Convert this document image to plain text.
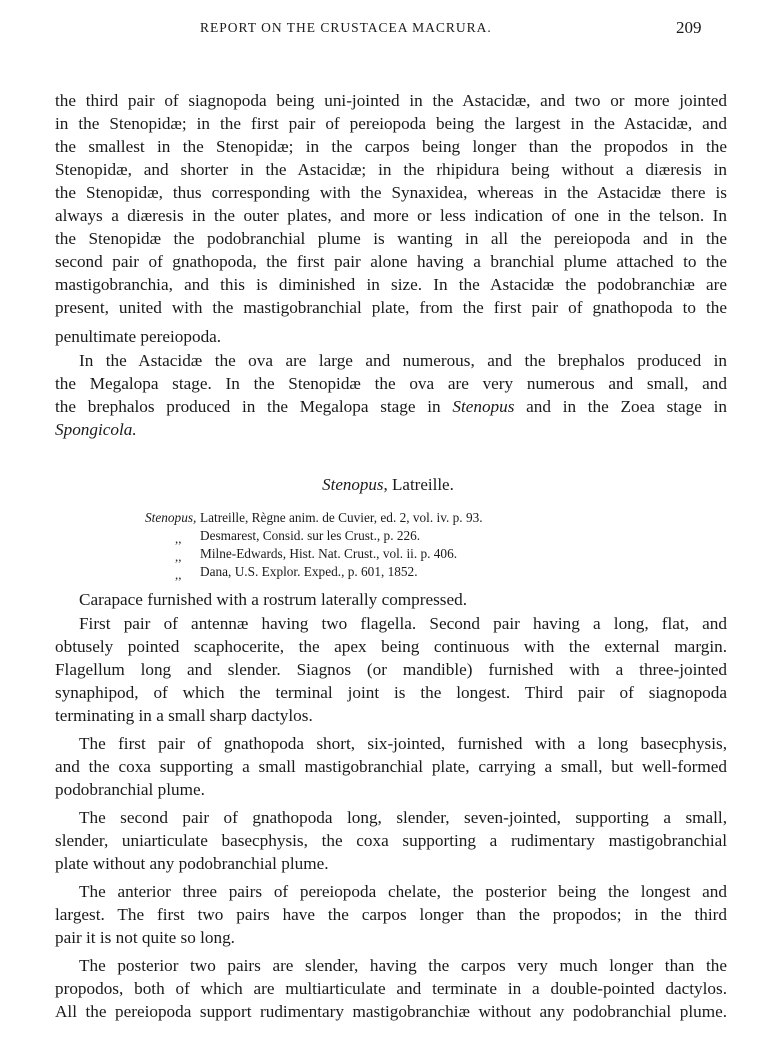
REPORT ON THE CRUSTACEA MACRURA.	209
the third pair of siagnopoda being uni-jointed in the Astacidæ, and two or more jointed
in the Stenopidæ; in the first pair of pereiopoda being the largest in the Astacidæ, and
the smallest in the Stenopidæ; in the carpos being longer than the propodos in the
Stenopidæ, and shorter in the Astacidæ; in the rhipidura being without a diæresis in
the Stenopidæ, thus corresponding with the Synaxidea, whereas in the Astacidæ there is
always a diæresis in the outer plates, and more or less indication of one in the telson. In
the Stenopidæ the podobranchial plume is wanting in all the pereiopoda and in the
second pair of gnathopoda, the first pair alone having a branchial plume attached to the
mastigobranchia, and this is diminished in size. In the Astacidæ the podobranchiæ are
present, united with the mastigobranchial plate, from the first pair of gnathopoda to the
penultimate pereiopoda.
In the Astacidæ the ova are large and numerous, and the brephalos produced in
the Megalopa stage. In the Stenopidæ the ova are very numerous and small, and
the brephalos produced in the Megalopa stage in Stenopus and in the Zoea stage in
Spongicola.
Stenopus, Latreille.
Stenopus,
,,
,,
,,
Latreille, Règne anim. de Cuvier, ed. 2, vol. iv. p. 93.
Desmarest, Consid. sur les Crust., p. 226.
Milne-Edwards, Hist. Nat. Crust., vol. ii. p. 406.
Dana, U.S. Explor. Exped., p. 601, 1852.
Carapace furnished with a rostrum laterally compressed.
First pair of antennæ having two flagella. Second pair having a long, flat, and
obtusely pointed scaphocerite, the apex being continuous with the external margin.
Flagellum long and slender. Siagnos (or mandible) furnished with a three-jointed
synaphipod, of which the terminal joint is the longest. Third pair of siagnopoda
terminating in a small sharp dactylos.
The first pair of gnathopoda short, six-jointed, furnished with a long basecphysis,
and the coxa supporting a small mastigobranchial plate, carrying a small, but well-formed
podobranchial plume.
The second pair of gnathopoda long, slender, seven-jointed, supporting a small,
slender, uniarticulate basecphysis, the coxa supporting a rudimentary mastigobranchial
plate without any podobranchial plume.
The anterior three pairs of pereiopoda chelate, the posterior being the longest and
largest. The first two pairs have the carpos longer than the propodos; in the third
pair it is not quite so long.
The posterior two pairs are slender, having the carpos very much longer than the
propodos, both of which are multiarticulate and terminate in a double-pointed dactylos.
All the pereiopoda support rudimentary mastigobranchiæ without any podobranchial plume.
